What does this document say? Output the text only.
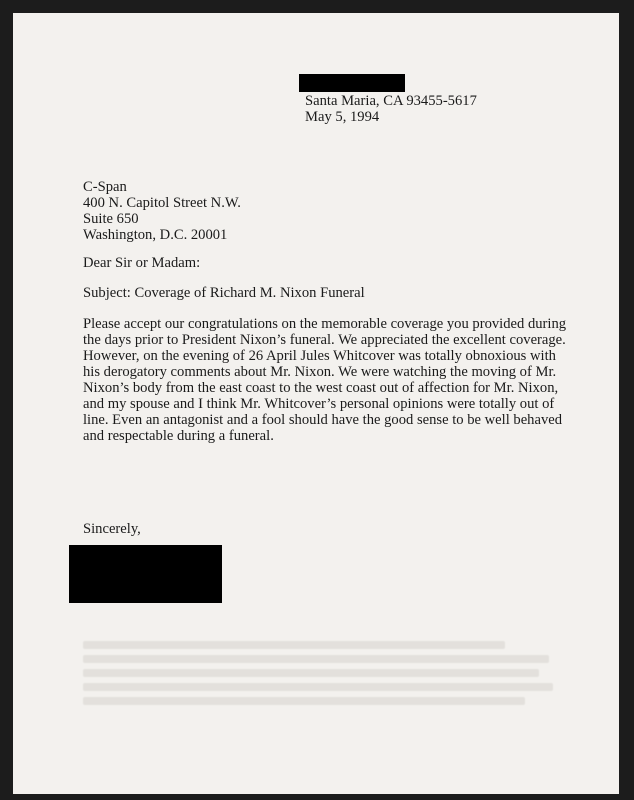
Santa Maria, CA 93455-5617
May 5, 1994
C-Span
400 N. Capitol Street N.W.
Suite 650
Washington, D.C. 20001
Dear Sir or Madam:
Subject: Coverage of Richard M. Nixon Funeral
Please accept our congratulations on the memorable coverage you provided during
the days prior to President Nixon’s funeral. We appreciated the excellent coverage.
However, on the evening of 26 April Jules Whitcover was totally obnoxious with
his derogatory comments about Mr. Nixon. We were watching the moving of Mr.
Nixon’s body from the east coast to the west coast out of affection for Mr. Nixon,
and my spouse and I think Mr. Whitcover’s personal opinions were totally out of
line. Even an antagonist and a fool should have the good sense to be well behaved
and respectable during a funeral.
Sincerely,
